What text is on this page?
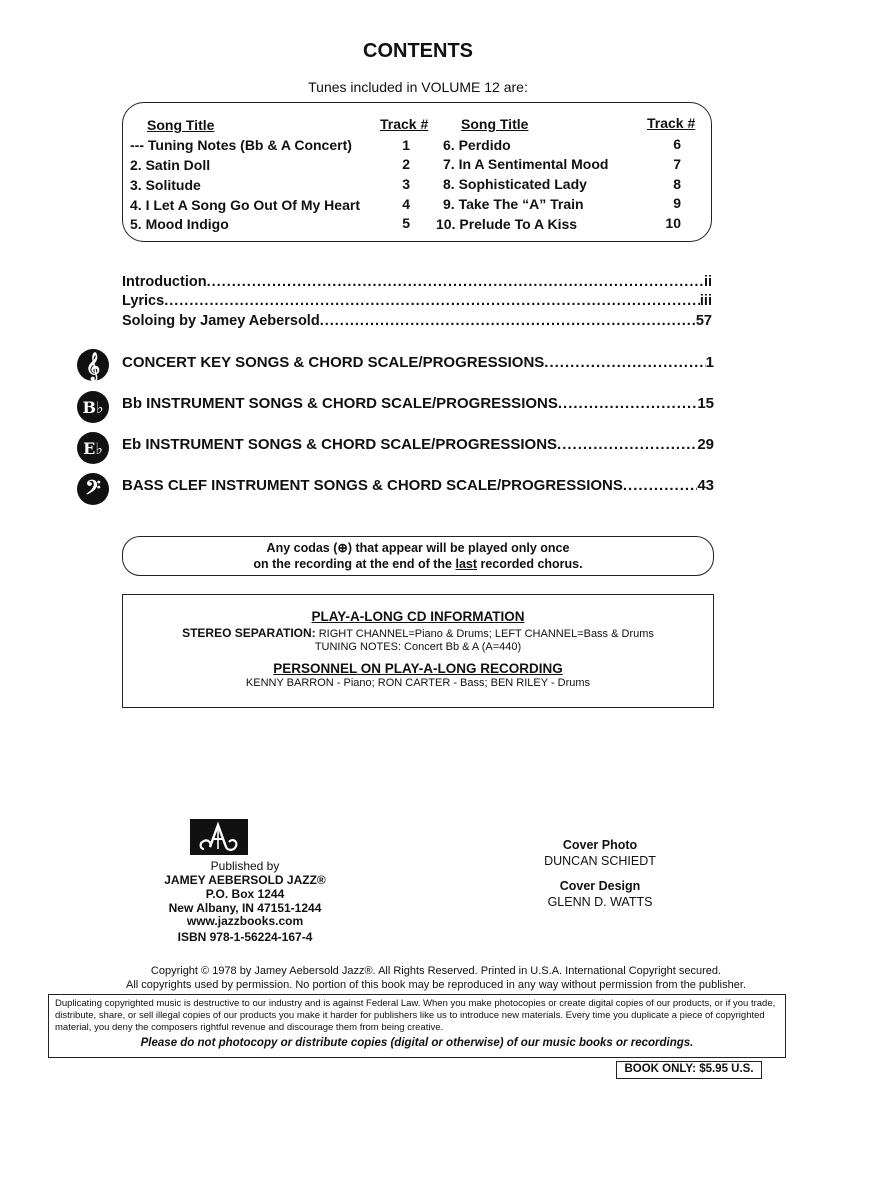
CONTENTS
Tunes included in VOLUME 12 are:
Song Title	Track # Song Title	Track #
--- Tuning Notes (Bb & A Concert)	1
2. Satin Doll	2
3. Solitude	3
4. I Let A Song Go Out Of My Heart	4
5. Mood Indigo	5
6. Perdido	6
7. In A Sentimental Mood	7
8. Sophisticated Lady	8
9. Take The “A” Train	9
10. Prelude To A Kiss	10
Introduction .....	ii
Lyrics .....	iii
Soloing by Jamey Aebersold .....	57
𝄞	CONCERT KEY SONGS & CHORD SCALE/PROGRESSIONS .....	1
B♭	Bb INSTRUMENT SONGS & CHORD SCALE/PROGRESSIONS .....	15
E♭	Eb INSTRUMENT SONGS & CHORD SCALE/PROGRESSIONS .....	29
𝄢	BASS CLEF INSTRUMENT SONGS & CHORD SCALE/PROGRESSIONS .....	43
Any codas (⊕) that appear will be played only once
on the recording at the end of the last recorded chorus.
PLAY-A-LONG CD INFORMATION
STEREO SEPARATION: RIGHT CHANNEL=Piano & Drums; LEFT CHANNEL=Bass & Drums
TUNING NOTES: Concert Bb & A (A=440)
PERSONNEL ON PLAY-A-LONG RECORDING
KENNY BARRON - Piano; RON CARTER - Bass; BEN RILEY - Drums
Published by
JAMEY AEBERSOLD JAZZ®
P.O. Box 1244
New Albany, IN 47151-1244
www.jazzbooks.com
ISBN 978-1-56224-167-4
Cover Photo
DUNCAN SCHIEDT
Cover Design
GLENN D. WATTS
Copyright © 1978 by Jamey Aebersold Jazz®. All Rights Reserved. Printed in U.S.A. International Copyright secured.
All copyrights used by permission. No portion of this book may be reproduced in any way without permission from the publisher.
Duplicating copyrighted music is destructive to our industry and is against Federal Law. When you make photocopies or create digital copies of our products, or if you trade, distribute, share, or sell illegal copies of our products you make it harder for publishers like us to introduce new materials. Every time you duplicate a piece of copyrighted material, you deny the composers rightful revenue and discourage them from being creative.
Please do not photocopy or distribute copies (digital or otherwise) of our music books or recordings.
BOOK ONLY: $5.95 U.S.
